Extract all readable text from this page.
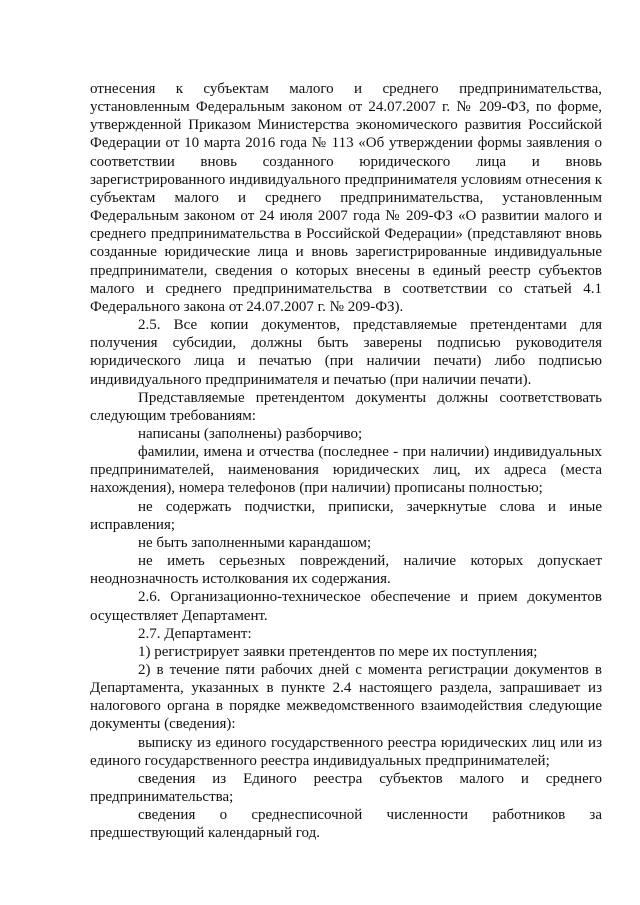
отнесения к субъектам малого и среднего предпринимательства, установленным Федеральным законом от 24.07.2007 г. № 209-ФЗ, по форме, утвержденной Приказом Министерства экономического развития Российской Федерации от 10 марта 2016 года № 113 «Об утверждении формы заявления о соответствии вновь созданного юридического лица и вновь зарегистрированного индивидуального предпринимателя условиям отнесения к субъектам малого и среднего предпринимательства, установленным Федеральным законом от 24 июля 2007 года № 209-ФЗ «О развитии малого и среднего предпринимательства в Российской Федерации» (представляют вновь созданные юридические лица и вновь зарегистрированные индивидуальные предприниматели, сведения о которых внесены в единый реестр субъектов малого и среднего предпринимательства в соответствии со статьей 4.1 Федерального закона от 24.07.2007 г. № 209-ФЗ).

2.5. Все копии документов, представляемые претендентами для получения субсидии, должны быть заверены подписью руководителя юридического лица и печатью (при наличии печати) либо подписью индивидуального предпринимателя и печатью (при наличии печати).

Представляемые претендентом документы должны соответствовать следующим требованиям:

написаны (заполнены) разборчиво;

фамилии, имена и отчества (последнее - при наличии) индивидуальных предпринимателей, наименования юридических лиц, их адреса (места нахождения), номера телефонов (при наличии) прописаны полностью;

не содержать подчистки, приписки, зачеркнутые слова и иные исправления;

не быть заполненными карандашом;

не иметь серьезных повреждений, наличие которых допускает неоднозначность истолкования их содержания.

2.6. Организационно-техническое обеспечение и прием документов осуществляет Департамент.

2.7. Департамент:

1) регистрирует заявки претендентов по мере их поступления;

2) в течение пяти рабочих дней с момента регистрации документов в Департамента, указанных в пункте 2.4 настоящего раздела, запрашивает из налогового органа в порядке межведомственного взаимодействия следующие документы (сведения):

выписку из единого государственного реестра юридических лиц или из единого государственного реестра индивидуальных предпринимателей;

сведения из Единого реестра субъектов малого и среднего предпринимательства;

сведения о среднесписочной численности работников за предшествующий календарный год.
